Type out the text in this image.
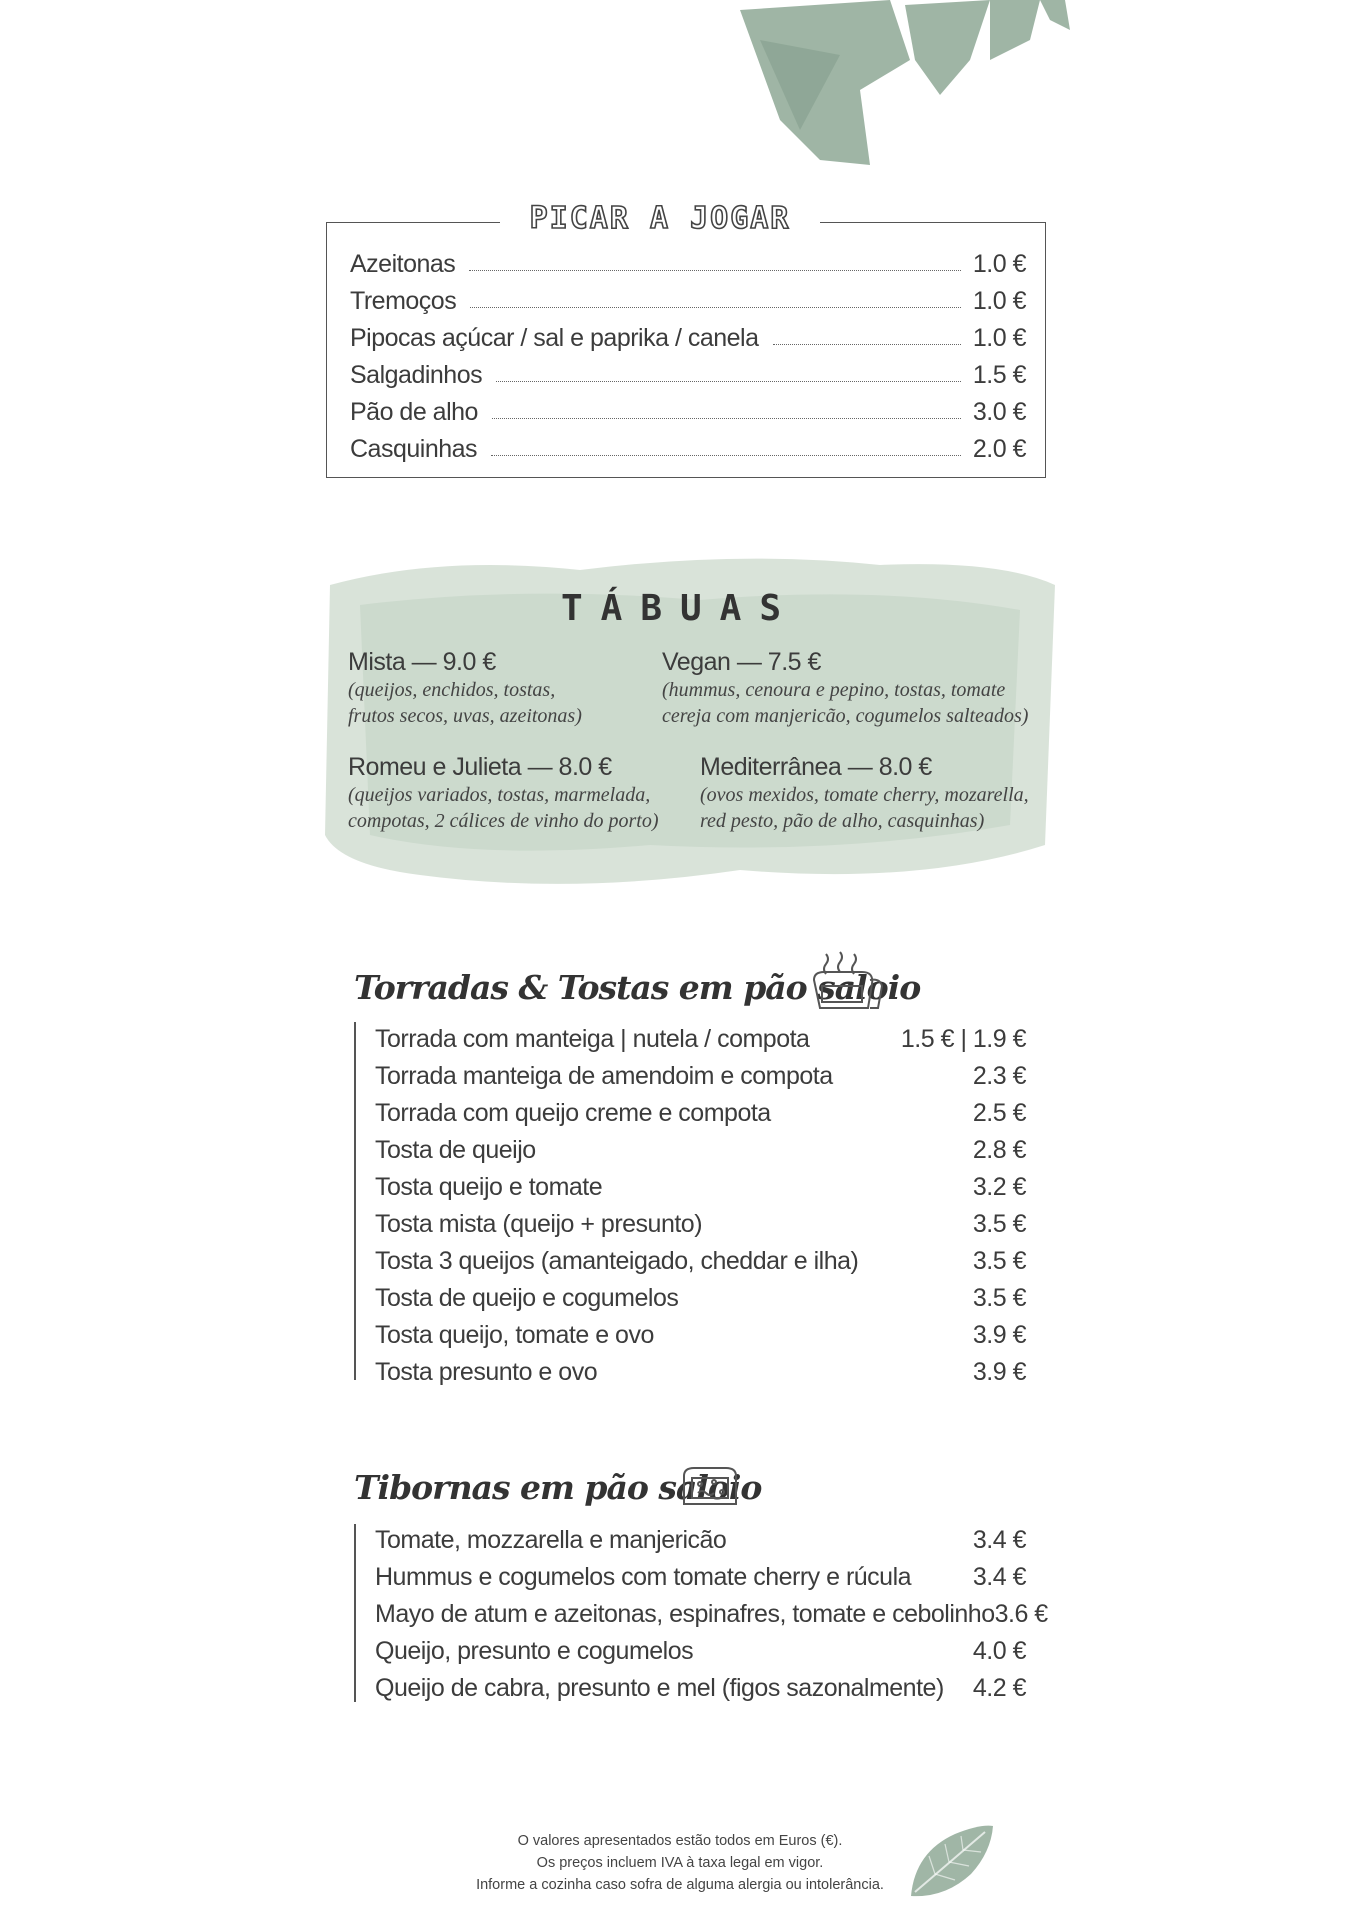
PICAR A JOGAR
Azeitonas	1.0 €
Tremoços	1.0 €
Pipocas açúcar / sal e paprika / canela	1.0 €
Salgadinhos	1.5 €
Pão de alho	3.0 €
Casquinhas	2.0 €
TÁBUAS
Mista — 9.0 €
(queijos, enchidos, tostas,
frutos secos, uvas, azeitonas)
Vegan — 7.5 €
(hummus, cenoura e pepino, tostas, tomate
cereja com manjericão, cogumelos salteados)
Romeu e Julieta — 8.0 €
(queijos variados, tostas, marmelada,
compotas, 2 cálices de vinho do porto)
Mediterrânea — 8.0 €
(ovos mexidos, tomate cherry, mozarella,
red pesto, pão de alho, casquinhas)
Torradas & Tostas em pão saloio
Torrada com manteiga | nutela / compota	1.5 € | 1.9 €
Torrada manteiga de amendoim e compota	2.3 €
Torrada com queijo creme e compota	2.5 €
Tosta de queijo	2.8 €
Tosta queijo e tomate	3.2 €
Tosta mista (queijo + presunto)	3.5 €
Tosta 3 queijos (amanteigado, cheddar e ilha)	3.5 €
Tosta de queijo e cogumelos	3.5 €
Tosta queijo, tomate e ovo	3.9 €
Tosta presunto e ovo	3.9 €
Tibornas em pão saloio
Tomate, mozzarella e manjericão	3.4 €
Hummus e cogumelos com tomate cherry e rúcula	3.4 €
Mayo de atum e azeitonas, espinafres, tomate e cebolinho 3.6 €
Queijo, presunto e cogumelos	4.0 €
Queijo de cabra, presunto e mel (figos sazonalmente)	4.2 €
O valores apresentados estão todos em Euros (€).
Os preços incluem IVA à taxa legal em vigor.
Informe a cozinha caso sofra de alguma alergia ou intolerância.
